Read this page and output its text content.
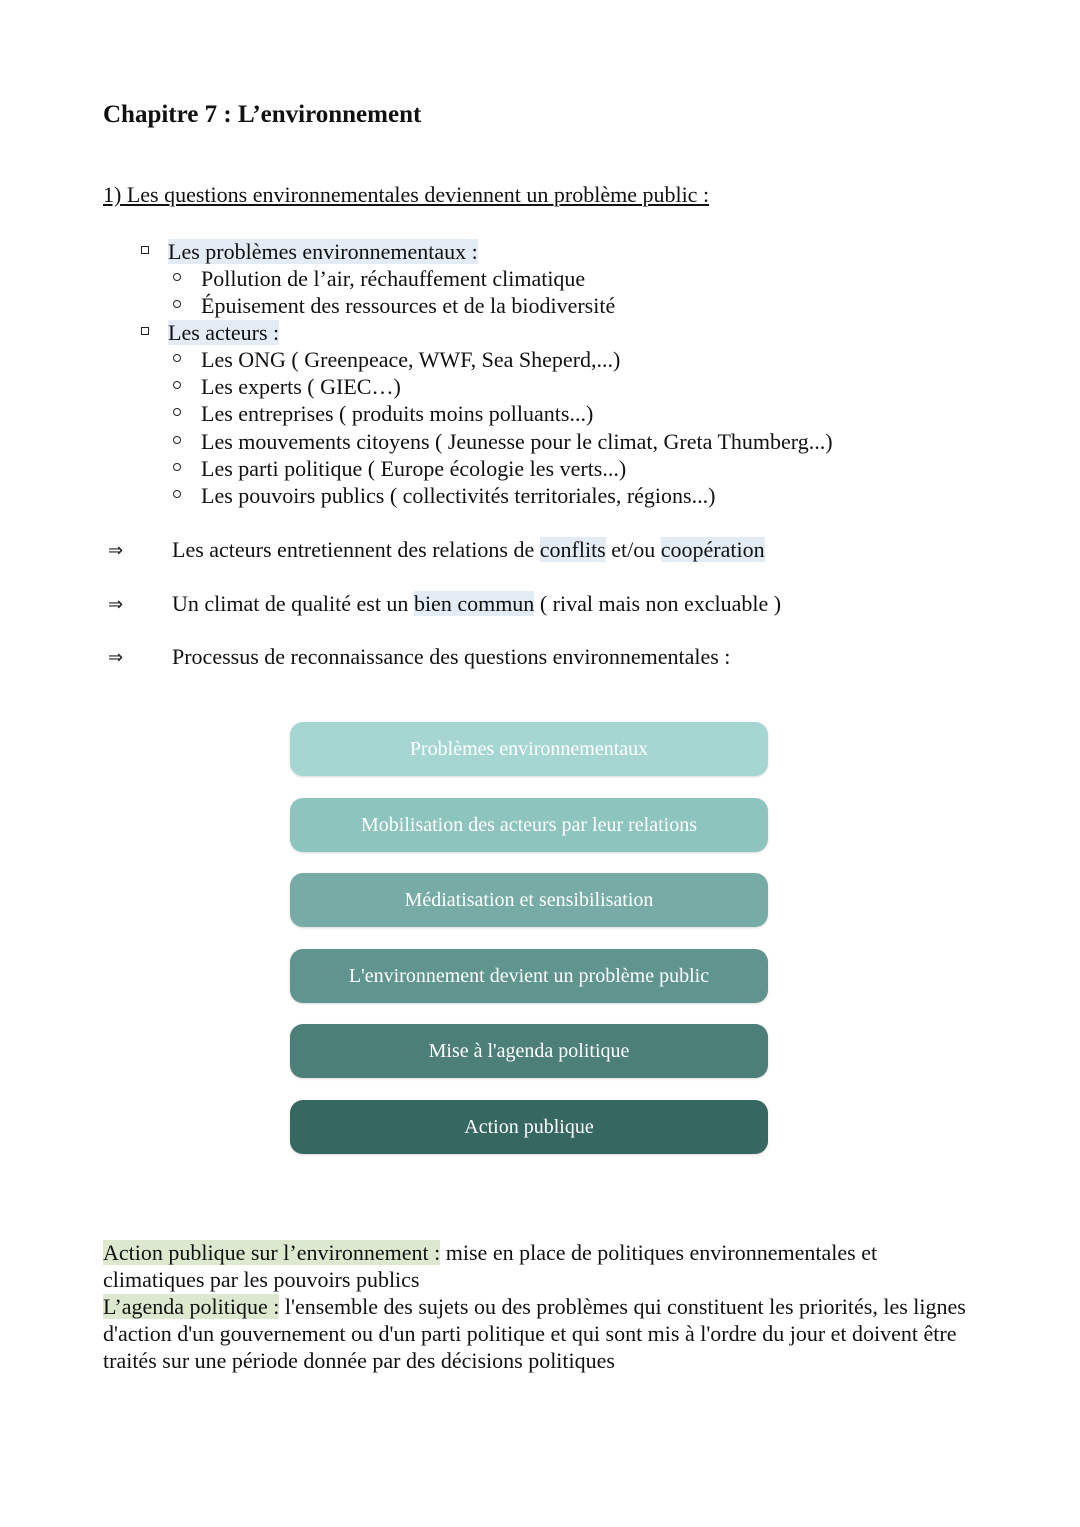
Chapitre 7 : L’environnement
1) Les questions environnementales deviennent un problème public :
Les problèmes environnementaux :
Pollution de l’air, réchauffement climatique
Épuisement des ressources et de la biodiversité
Les acteurs :
Les ONG ( Greenpeace, WWF, Sea Sheperd,...)
Les experts ( GIEC…)
Les entreprises ( produits moins polluants...)
Les mouvements citoyens ( Jeunesse pour le climat, Greta Thumberg...)
Les parti politique ( Europe écologie les verts...)
Les pouvoirs publics ( collectivités territoriales, régions...)
⇒ Les acteurs entretiennent des relations de conflits et/ou coopération
⇒ Un climat de qualité est un bien commun ( rival mais non excluable )
⇒ Processus de reconnaissance des questions environnementales :
Problèmes environnementaux
Mobilisation des acteurs par leur relations
Médiatisation et sensibilisation
L'environnement devient un problème public
Mise à l'agenda politique
Action publique
Action publique sur l’environnement : mise en place de politiques environnementales et climatiques par les pouvoirs publics
L’agenda politique : l'ensemble des sujets ou des problèmes qui constituent les priorités, les lignes d'action d'un gouvernement ou d'un parti politique et qui sont mis à l'ordre du jour et doivent être traités sur une période donnée par des décisions politiques
